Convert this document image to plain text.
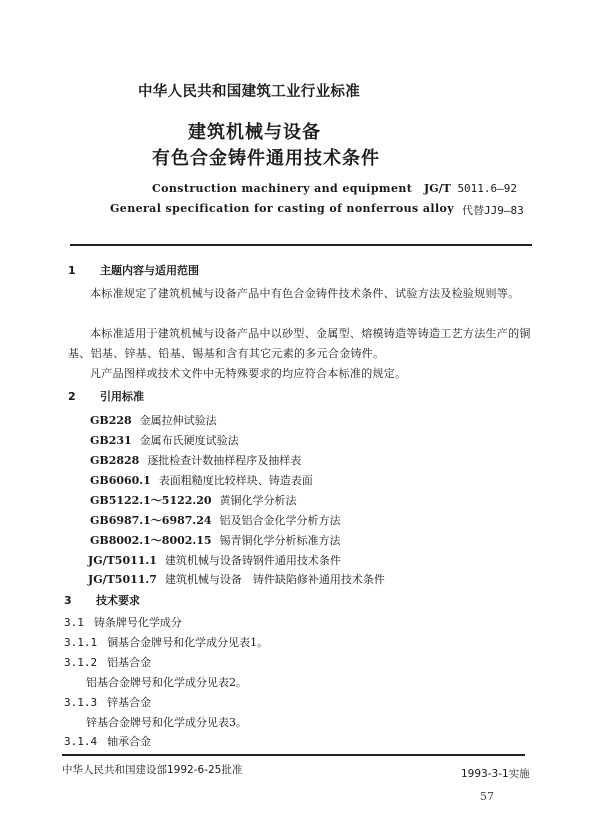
中华人民共和国建筑工业行业标准
建筑机械与设备
有色合金铸件通用技术条件
Construction machinery and equipment
General specification for casting of nonferrous alloy
JG/T 5011.6—92
代替JJ9—83
1 主题内容与适用范围
本标准规定了建筑机械与设备产品中有色合金铸件技术条件、试验方法及检验规则等。
本标准适用于建筑机械与设备产品中以砂型、金属型、熔模铸造等铸造工艺方法生产的铜基、铝基、锌基、铅基、锡基和含有其它元素的多元合金铸件。
凡产品图样或技术文件中无特殊要求的均应符合本标准的规定。
2 引用标准
GB228 金属拉伸试验法
GB231 金属布氏硬度试验法
GB2828 逐批检查计数抽样程序及抽样表
GB6060.1 表面粗糙度比较样块、铸造表面
GB5122.1～5122.20 黄铜化学分析法
GB6987.1～6987.24 铝及铝合金化学分析方法
GB8002.1～8002.15 锡青铜化学分析标准方法
JG/T5011.1 建筑机械与设备铸钢件通用技术条件
JG/T5011.7 建筑机械与设备　铸件缺陷修补通用技术条件
3 技术要求
3.1 铸条牌号化学成分
3.1.1 铜基合金牌号和化学成分见表1。
3.1.2 铝基合金
铝基合金牌号和化学成分见表2。
3.1.3 锌基合金
锌基合金牌号和化学成分见表3。
3.1.4 轴承合金
中华人民共和国建设部1992-6-25批准	1993-3-1实施
57
